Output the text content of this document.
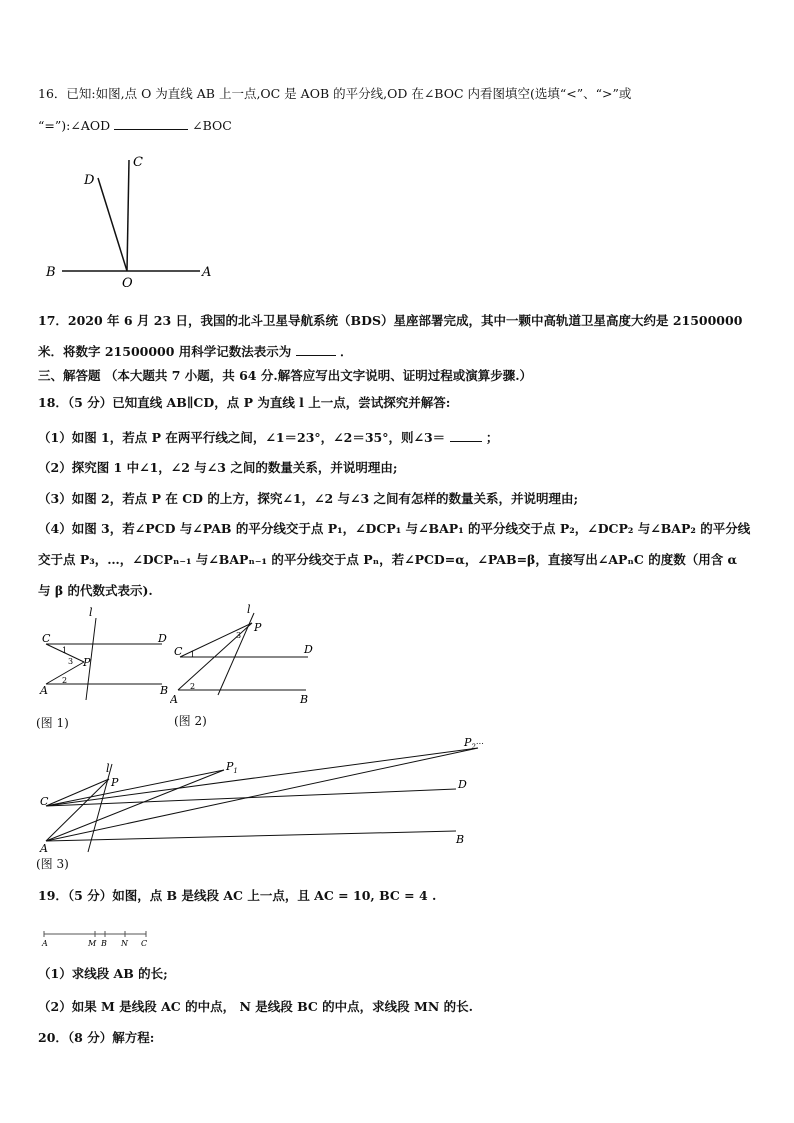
16．已知:如图,点 O 为直线 AB 上一点,OC 是 AOB 的平分线,OD 在∠BOC 内看图填空(选填“<”、“>”或
“=”):∠AOD	∠BOC
C
D
B
O
A
17．2020 年 6 月 23 日，我国的北斗卫星导航系统（BDS）星座部署完成，其中一颗中高轨道卫星高度大约是 21500000
米．将数字 21500000 用科学记数法表示为	．
三、解答题 （本大题共 7 小题，共 64 分.解答应写出文字说明、证明过程或演算步骤.）
18．（5 分）已知直线 AB∥CD，点 P 为直线 l 上一点，尝试探究并解答:
（1）如图 1，若点 P 在两平行线之间，∠1＝23°，∠2＝35°，则∠3＝	；
（2）探究图 1 中∠1，∠2 与∠3 之间的数量关系，并说明理由;
（3）如图 2，若点 P 在 CD 的上方，探究∠1，∠2 与∠3 之间有怎样的数量关系，并说明理由;
（4）如图 3，若∠PCD 与∠PAB 的平分线交于点 P₁，∠DCP₁ 与∠BAP₁ 的平分线交于点 P₂，∠DCP₂ 与∠BAP₂ 的平分线
交于点 P₃，…，∠DCPₙ₋₁ 与∠BAPₙ₋₁ 的平分线交于点 Pₙ，若∠PCD=α，∠PAB=β，直接写出∠APₙC 的度数（用含 α
与 β 的代数式表示).
l
C	D
P
A	B
1
2
3
(图 1)
l
P
C	D
A	B
1
2
3
(图 2)
l
P
$P_1$
$P_2^\dots$
C
D
A
B
(图 3)
19．（5 分）如图，点 B 是线段 AC 上一点，且 AC = 10, BC = 4 .
A	M B N C
（1）求线段 AB 的长;
（2）如果 M 是线段 AC 的中点， N 是线段 BC 的中点，求线段 MN 的长.
20．（8 分）解方程:
